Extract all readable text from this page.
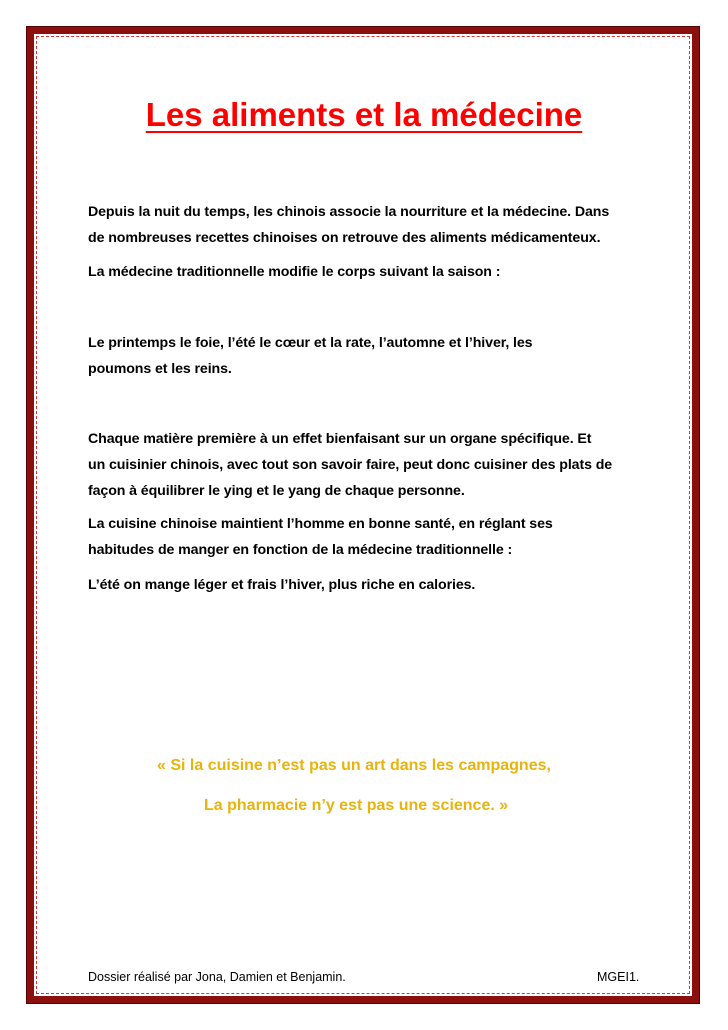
Les aliments et la médecine

Depuis la nuit du temps, les chinois associe la nourriture et la médecine. Dans
de nombreuses recettes chinoises on retrouve des aliments médicamenteux.

La médecine traditionnelle modifie le corps suivant la saison :

Le printemps le foie, l’été le cœur et la rate, l’automne et l’hiver, les
poumons et les reins.

Chaque matière première à un effet bienfaisant sur un organe spécifique. Et
un cuisinier chinois, avec tout son savoir faire, peut donc cuisiner des plats de
façon à équilibrer le ying et le yang de chaque personne.

La cuisine chinoise maintient l’homme en bonne santé, en réglant ses
habitudes de manger en fonction de la médecine traditionnelle :

L’été on mange léger et frais l’hiver, plus riche en calories.

« Si la cuisine n’est pas un art dans les campagnes,

La pharmacie n’y est pas une science. »

Dossier réalisé par Jona, Damien et Benjamin.	MGEI1.
